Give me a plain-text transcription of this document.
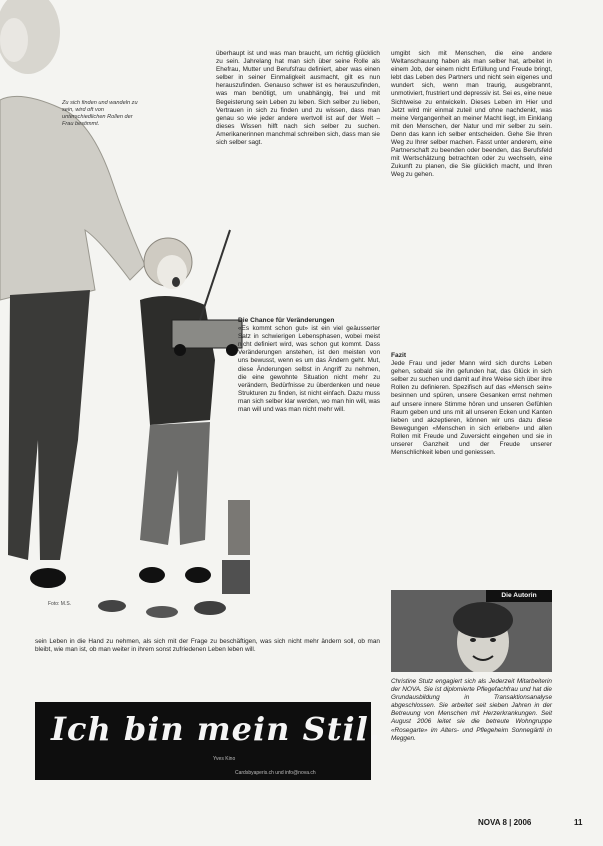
Zu sich finden und wandeln zu sein, wird oft von unterschiedlichen Rollen der Frau bestimmt.
Foto: M.S.

überhaupt ist und was man braucht, um richtig glücklich zu sein. Jahrelang hat man sich über seine Rolle als Ehefrau, Mutter und Berufsfrau definiert, aber was einen selber in seiner Einmaligkeit ausmacht, gilt es nun herauszufinden. Genauso schwer ist es herauszufinden, was man benötigt, um unabhängig, frei und mit Begeisterung sein Leben zu leben. Sich selber zu lieben, Vertrauen in sich zu finden und zu wissen, dass man genau so wie jeder andere wertvoll ist auf der Welt – dieses Wissen hilft nach sich selber zu suchen. Amerikanerinnen manchmal schreiben sich, dass man sie sich selber sagt.

Die Chance für Veränderungen

«Es kommt schon gut» ist ein viel geäusserter Satz in schwierigen Lebensphasen, wobei meist nicht definiert wird, was schon gut kommt. Dass Veränderungen anstehen, ist den meisten von uns bewusst, wenn es um das Ändern geht. Mut, diese Änderungen selbst in Angriff zu nehmen, die eine gewohnte Situation nicht mehr zu verändern, Bedürfnisse zu überdenken und neue Strukturen zu finden, ist nicht einfach. Dazu muss man sich selber klar werden, wo man hin will, was man will und was man nicht mehr will.

sein Leben in die Hand zu nehmen, als sich mit der Frage zu beschäftigen, was sich nicht mehr ändern soll, ob man bleibt, wie man ist, ob man weiter in ihrem sonst zufriedenen Leben leben will.

umgibt sich mit Menschen, die eine andere Weltanschauung haben als man selber hat, arbeitet in einem Job, der einem nicht Erfüllung und Freude bringt, lebt das Leben des Partners und nicht sein eigenes und wundert sich, wenn man traurig, ausgebrannt, unmotiviert, frustriert und depressiv ist. Sei es, eine neue Sichtweise zu entwickeln. Dieses Leben im Hier und Jetzt wird mir einmal zuteil und ohne nachdenkt, was meine Vergangenheit an meiner Macht liegt, im Einklang mit den Menschen, der Natur und mir selber zu sein. Denn das kann ich selber entscheiden. Gehe Sie Ihren Weg zu Ihrer selber machen. Fasst unter anderem, eine Partnerschaft zu beenden oder beenden, das Berufsfeld mit Wertschätzung betrachten oder zu wechseln, eine Zukunft zu planen, die Sie glücklich macht, und Ihren Weg zu gehen.

Fazit

Jede Frau und jeder Mann wird sich durchs Leben gehen, sobald sie ihn gefunden hat, das Glück in sich selber zu suchen und damit auf ihre Weise sich über ihre Rollen zu definieren. Spezifisch auf das «Mensch sein» besinnen und spüren, unsere Gesanken ernst nehmen auf unsere innere Stimme hören und unseren Gefühlen Raum geben und uns mit all unseren Ecken und Kanten lieben und akzeptieren, können wir uns dazu diese Bewegungen «Menschen in sich erleben» und allen Rollen mit Freude und Zuversicht eingehen und sie in unserer Ganzheit und der Freude unserer Menschlichkeit leben und geniessen.

Ich bin mein Stil.
Yves Kino
Cardsbyaperis.ch und info@nova.ch
Die Autorin

Christine Stutz engagiert sich als Jederzeit Mitarbeiterin der NOVA. Sie ist diplomierte Pflegefachfrau und hat die Grundausbildung in Transaktionsanalyse abgeschlossen. Sie arbeitet seit sieben Jahren in der Betreuung von Menschen mit Herzerkrankungen. Seit August 2006 leitet sie die betreute Wohngruppe «Rosegarte» im Alters- und Pflegeheim Sonnegärtli in Meggen.

NOVA 8 | 2006	11
